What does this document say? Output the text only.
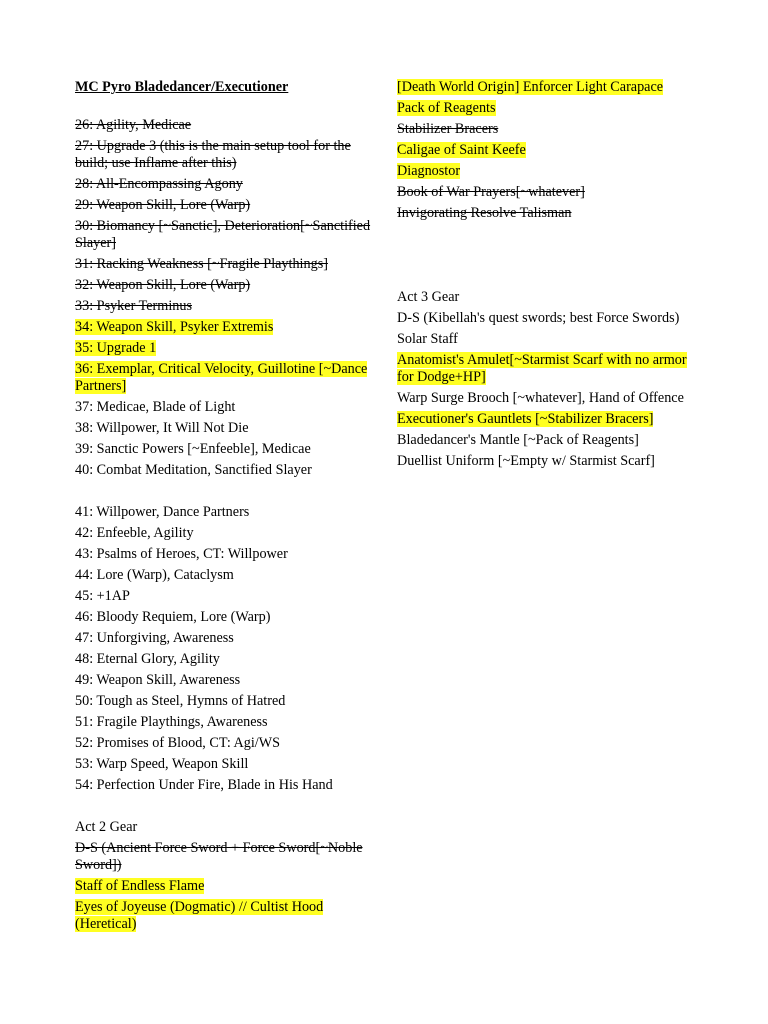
MC Pyro Bladedancer/Executioner
26: Agility, Medicae
27: Upgrade 3 (this is the main setup tool for the build; use Inflame after this)
28: All-Encompassing Agony
29: Weapon Skill, Lore (Warp)
30: Biomancy [~Sanctic], Deterioration[~Sanctified Slayer]
31: Racking Weakness [~Fragile Playthings]
32: Weapon Skill, Lore (Warp)
33: Psyker Terminus
34: Weapon Skill, Psyker Extremis
35: Upgrade 1
36: Exemplar, Critical Velocity, Guillotine [~Dance Partners]
37: Medicae, Blade of Light
38: Willpower, It Will Not Die
39: Sanctic Powers [~Enfeeble], Medicae
40: Combat Meditation, Sanctified Slayer
41: Willpower, Dance Partners
42: Enfeeble, Agility
43: Psalms of Heroes, CT: Willpower
44: Lore (Warp), Cataclysm
45: +1AP
46: Bloody Requiem, Lore (Warp)
47: Unforgiving, Awareness
48: Eternal Glory, Agility
49: Weapon Skill, Awareness
50: Tough as Steel, Hymns of Hatred
51: Fragile Playthings, Awareness
52: Promises of Blood, CT: Agi/WS
53: Warp Speed, Weapon Skill
54: Perfection Under Fire, Blade in His Hand
Act 2 Gear
D-S (Ancient Force Sword + Force Sword[~Noble Sword])
Staff of Endless Flame
Eyes of Joyeuse (Dogmatic) // Cultist Hood (Heretical)
[Death World Origin] Enforcer Light Carapace
Pack of Reagents
Stabilizer Bracers
Caligae of Saint Keefe
Diagnostor
Book of War Prayers[~whatever]
Invigorating Resolve Talisman
Act 3 Gear
D-S (Kibellah's quest swords; best Force Swords)
Solar Staff
Anatomist's Amulet[~Starmist Scarf with no armor for Dodge+HP]
Warp Surge Brooch [~whatever], Hand of Offence
Executioner's Gauntlets [~Stabilizer Bracers]
Bladedancer's Mantle [~Pack of Reagents]
Duellist Uniform [~Empty w/ Starmist Scarf]
